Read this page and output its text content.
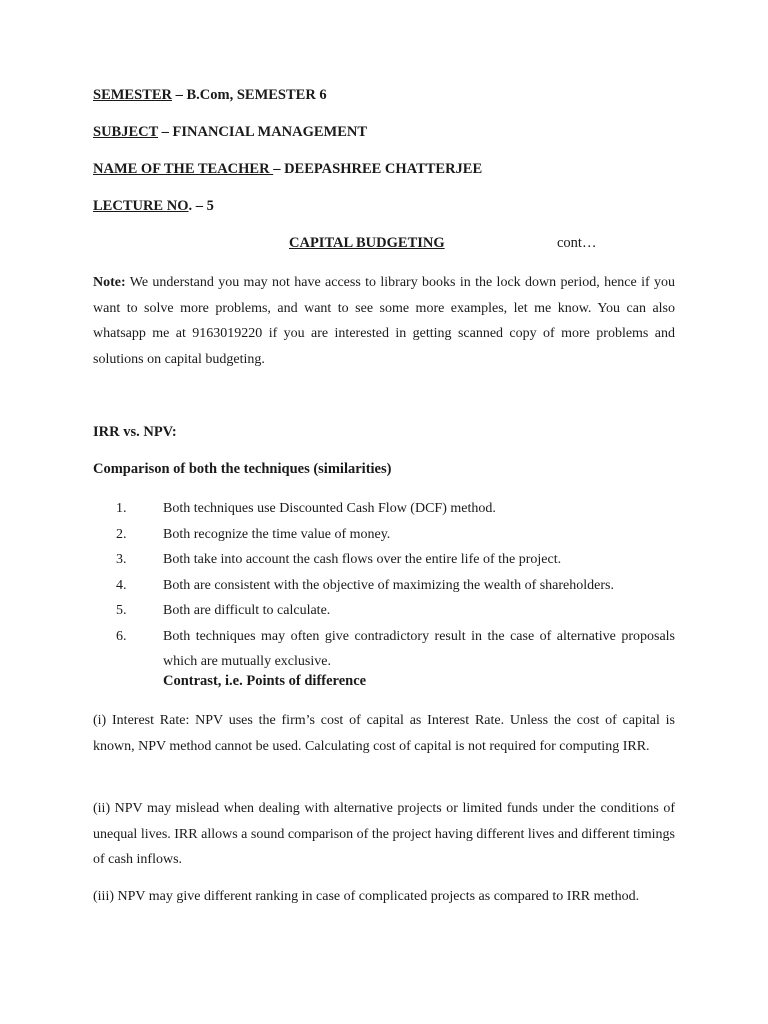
SEMESTER – B.Com, SEMESTER 6
SUBJECT – FINANCIAL MANAGEMENT
NAME OF THE TEACHER – DEEPASHREE CHATTERJEE
LECTURE NO. – 5
CAPITAL BUDGETING	cont…

Note: We understand you may not have access to library books in the lock down period, hence if you want to solve more problems, and want to see some more examples, let me know. You can also whatsapp me at 9163019220 if you are interested in getting scanned copy of more problems and solutions on capital budgeting.

IRR vs. NPV:
Comparison of both the techniques (similarities)
1.	Both techniques use Discounted Cash Flow (DCF) method.
2.	Both recognize the time value of money.
3.	Both take into account the cash flows over the entire life of the project.
4.	Both are consistent with the objective of maximizing the wealth of shareholders.
5.	Both are difficult to calculate.
6.	Both techniques may often give contradictory result in the case of alternative proposals which are mutually exclusive.
Contrast, i.e. Points of difference

(i) Interest Rate: NPV uses the firm’s cost of capital as Interest Rate. Unless the cost of capital is known, NPV method cannot be used. Calculating cost of capital is not required for computing IRR.

(ii) NPV may mislead when dealing with alternative projects or limited funds under the conditions of unequal lives. IRR allows a sound comparison of the project having different lives and different timings of cash inflows.

(iii) NPV may give different ranking in case of complicated projects as compared to IRR method.
